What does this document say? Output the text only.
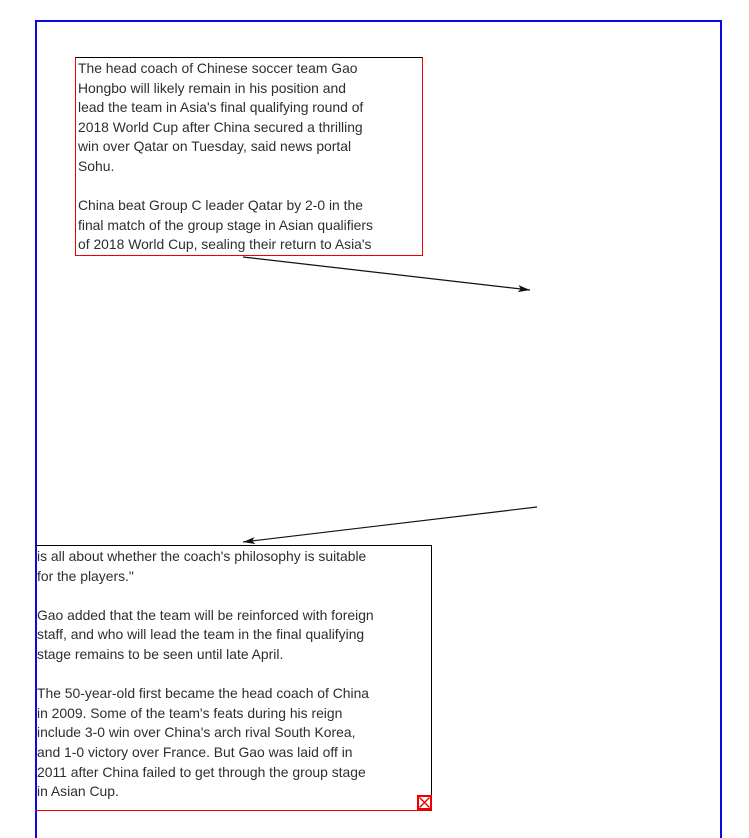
The head coach of Chinese soccer team Gao
Hongbo will likely remain in his position and
lead the team in Asia's final qualifying round of
2018 World Cup after China secured a thrilling
win over Qatar on Tuesday, said news portal
Sohu.

China beat Group C leader Qatar by 2-0 in the
final match of the group stage in Asian qualifiers
of 2018 World Cup, sealing their return to Asia's
is all about whether the coach's philosophy is suitable
for the players."

Gao added that the team will be reinforced with foreign
staff, and who will lead the team in the final qualifying
stage remains to be seen until late April.

The 50-year-old first became the head coach of China
in 2009. Some of the team's feats during his reign
include 3-0 win over China's arch rival South Korea,
and 1-0 victory over France. But Gao was laid off in
2011 after China failed to get through the group stage
in Asian Cup.
